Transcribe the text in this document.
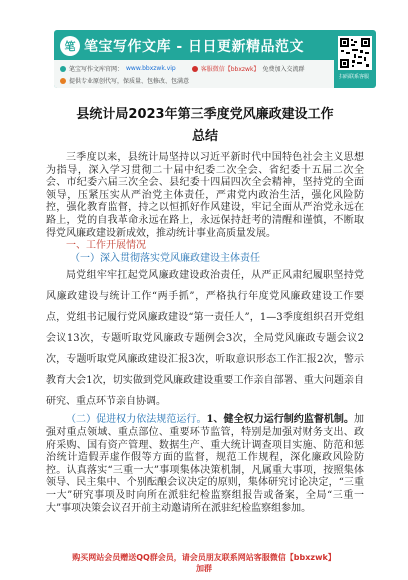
笔 笔宝写作文库 - 日日更新精品范文
笔宝写作文库官网： www.bbxzwk.vip	客服微信【bbxzwk】 免费加入交流群
提供专业原创代写，保质量、包修改、包满意
扫码联系客服
县统计局2023年第三季度党风廉政建设工作
总结

三季度以来，县统计局坚持以习近平新时代中国特色社会主义思想为指导，深入学习贯彻二十届中纪委二次全会、省纪委十五届二次全会、市纪委六届三次全会、县纪委十四届四次全会精神，坚持党的全面领导，压紧压实从严治党主体责任，严肃党内政治生活，强化风险防控，强化教育监督，持之以恒抓好作风建设，牢记全面从严治党永远在路上，党的自我革命永远在路上，永远保持赶考的清醒和谨慎，不断取得党风廉政建设新成效，推动统计事业高质量发展。

一、工作开展情况

（一）深入贯彻落实党风廉政建设主体责任

局党组牢牢扛起党风廉政建设政治责任，从严正风肃纪履职坚持党风廉政建设与统计工作“两手抓”，严格执行年度党风廉政建设工作要点，党组书记履行党风廉政建设“第一责任人”，1—3季度组织召开党组会议13次，专题听取党风廉政专题例会3次，全局党风廉政专题会议2次，专题听取党风廉政建设汇报3次，听取意识形态工作汇报2次，警示教育大会1次，切实做到党风廉政建设重要工作亲自部署、重大问题亲自研究、重点环节亲自协调。

（二）促进权力依法规范运行。1、健全权力运行制约监督机制。加强对重点领域、重点部位、重要环节监管，特别是加强对财务支出、政府采购、国有资产管理、数据生产、重大统计调查项目实施、防范和惩治统计造假弄虚作假等方面的监督，规范工作规程，深化廉政风险防控。认真落实“三重一大”事项集体决策机制，凡属重大事项，按照集体领导、民主集中、个别酝酿会议决定的原则，集体研究讨论决定，“三重一大”研究事项及时向所在派驻纪检监察组报告或备案，全局“三重一大”事项决策会议召开前主动邀请所在派驻纪检监察组参加。

购买网站会员赠送QQ群会员，请会员朋友联系网站客服微信【bbxzwk】
加群
